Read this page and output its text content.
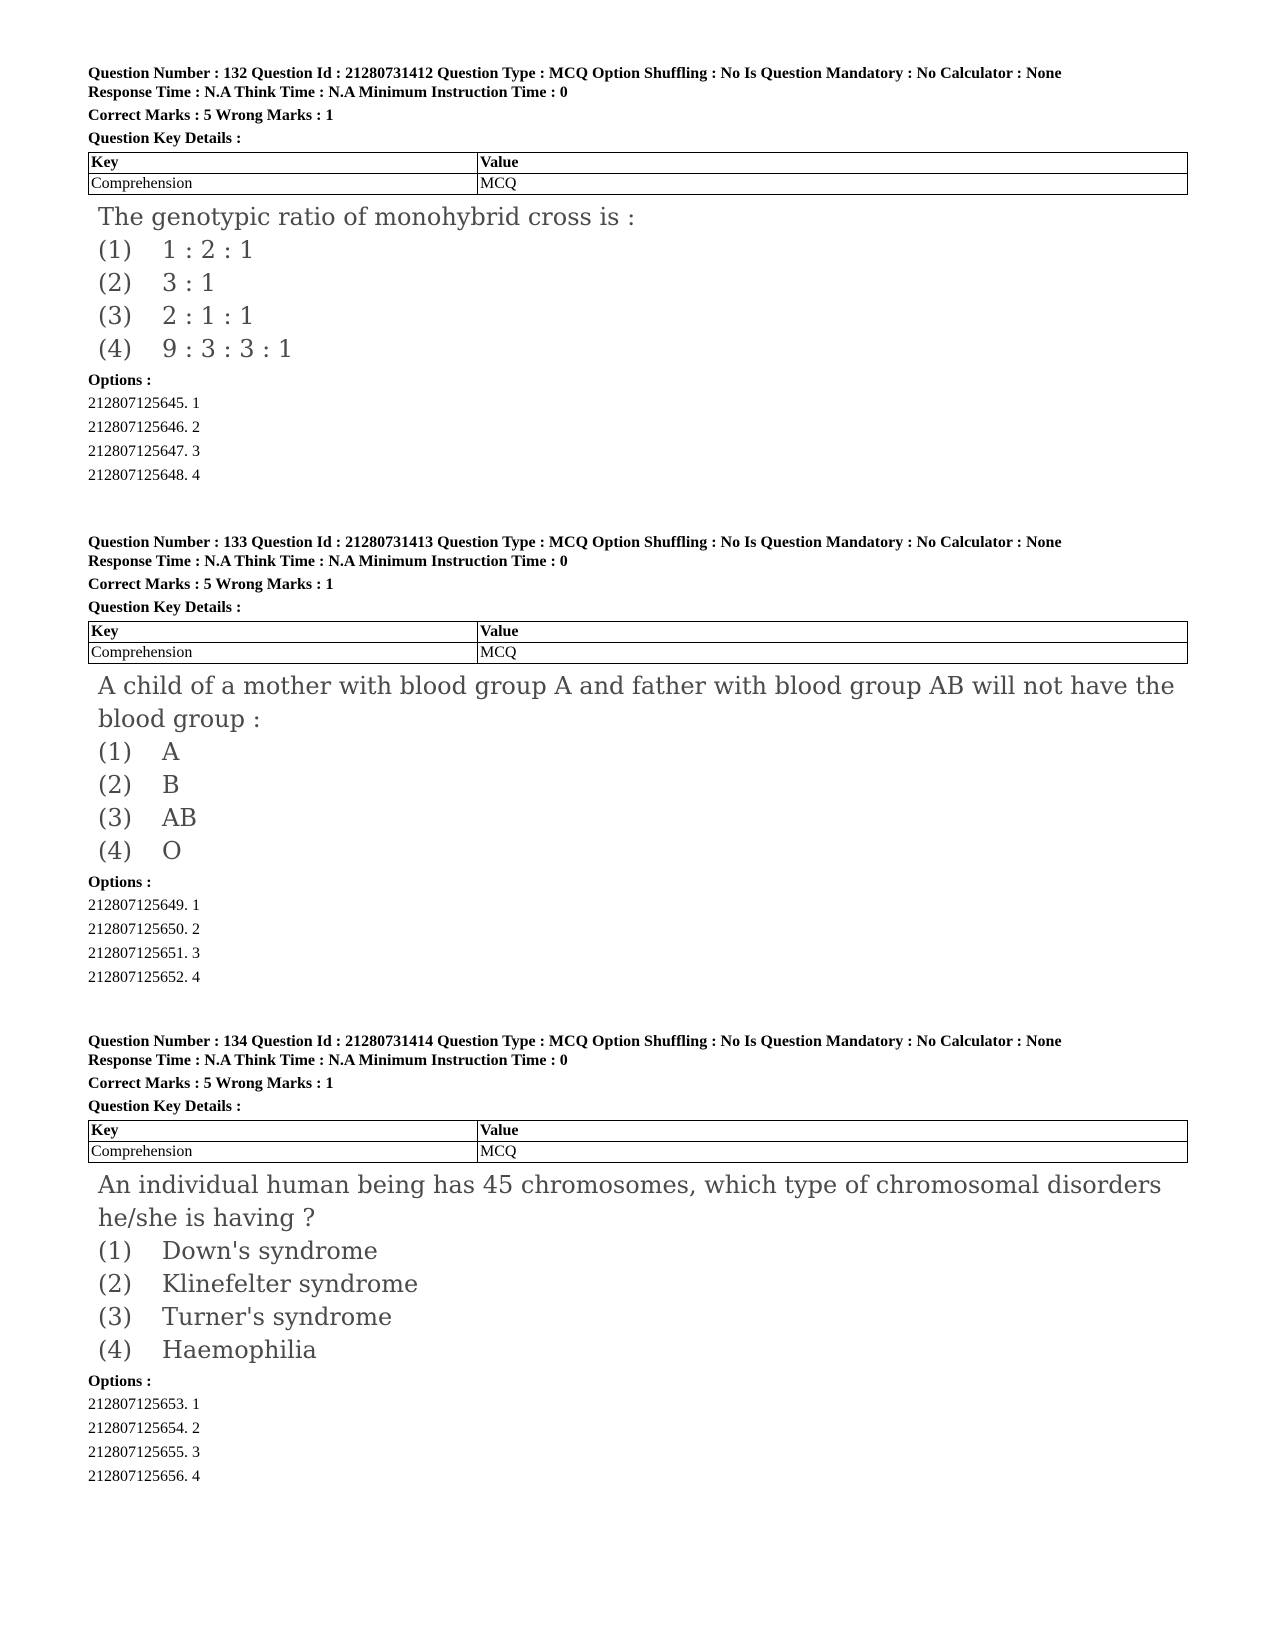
Question Number : 132 Question Id : 21280731412 Question Type : MCQ Option Shuffling : No Is Question Mandatory : No Calculator : None
Response Time : N.A Think Time : N.A Minimum Instruction Time : 0
Correct Marks : 5 Wrong Marks : 1
Question Key Details :
Key	Value
Comprehension	MCQ
The genotypic ratio of monohybrid cross is :
(1)	1 : 2 : 1
(2)	3 : 1
(3)	2 : 1 : 1
(4)	9 : 3 : 3 : 1
Options :
212807125645. 1
212807125646. 2
212807125647. 3
212807125648. 4
Question Number : 133 Question Id : 21280731413 Question Type : MCQ Option Shuffling : No Is Question Mandatory : No Calculator : None
Response Time : N.A Think Time : N.A Minimum Instruction Time : 0
Correct Marks : 5 Wrong Marks : 1
Question Key Details :
Key	Value
Comprehension	MCQ
A child of a mother with blood group A and father with blood group AB will not have the blood group :
(1)	A
(2)	B
(3)	AB
(4)	O
Options :
212807125649. 1
212807125650. 2
212807125651. 3
212807125652. 4
Question Number : 134 Question Id : 21280731414 Question Type : MCQ Option Shuffling : No Is Question Mandatory : No Calculator : None
Response Time : N.A Think Time : N.A Minimum Instruction Time : 0
Correct Marks : 5 Wrong Marks : 1
Question Key Details :
Key	Value
Comprehension	MCQ
An individual human being has 45 chromosomes, which type of chromosomal disorders he/she is having ?
(1)	Down's syndrome
(2)	Klinefelter syndrome
(3)	Turner's syndrome
(4)	Haemophilia
Options :
212807125653. 1
212807125654. 2
212807125655. 3
212807125656. 4
